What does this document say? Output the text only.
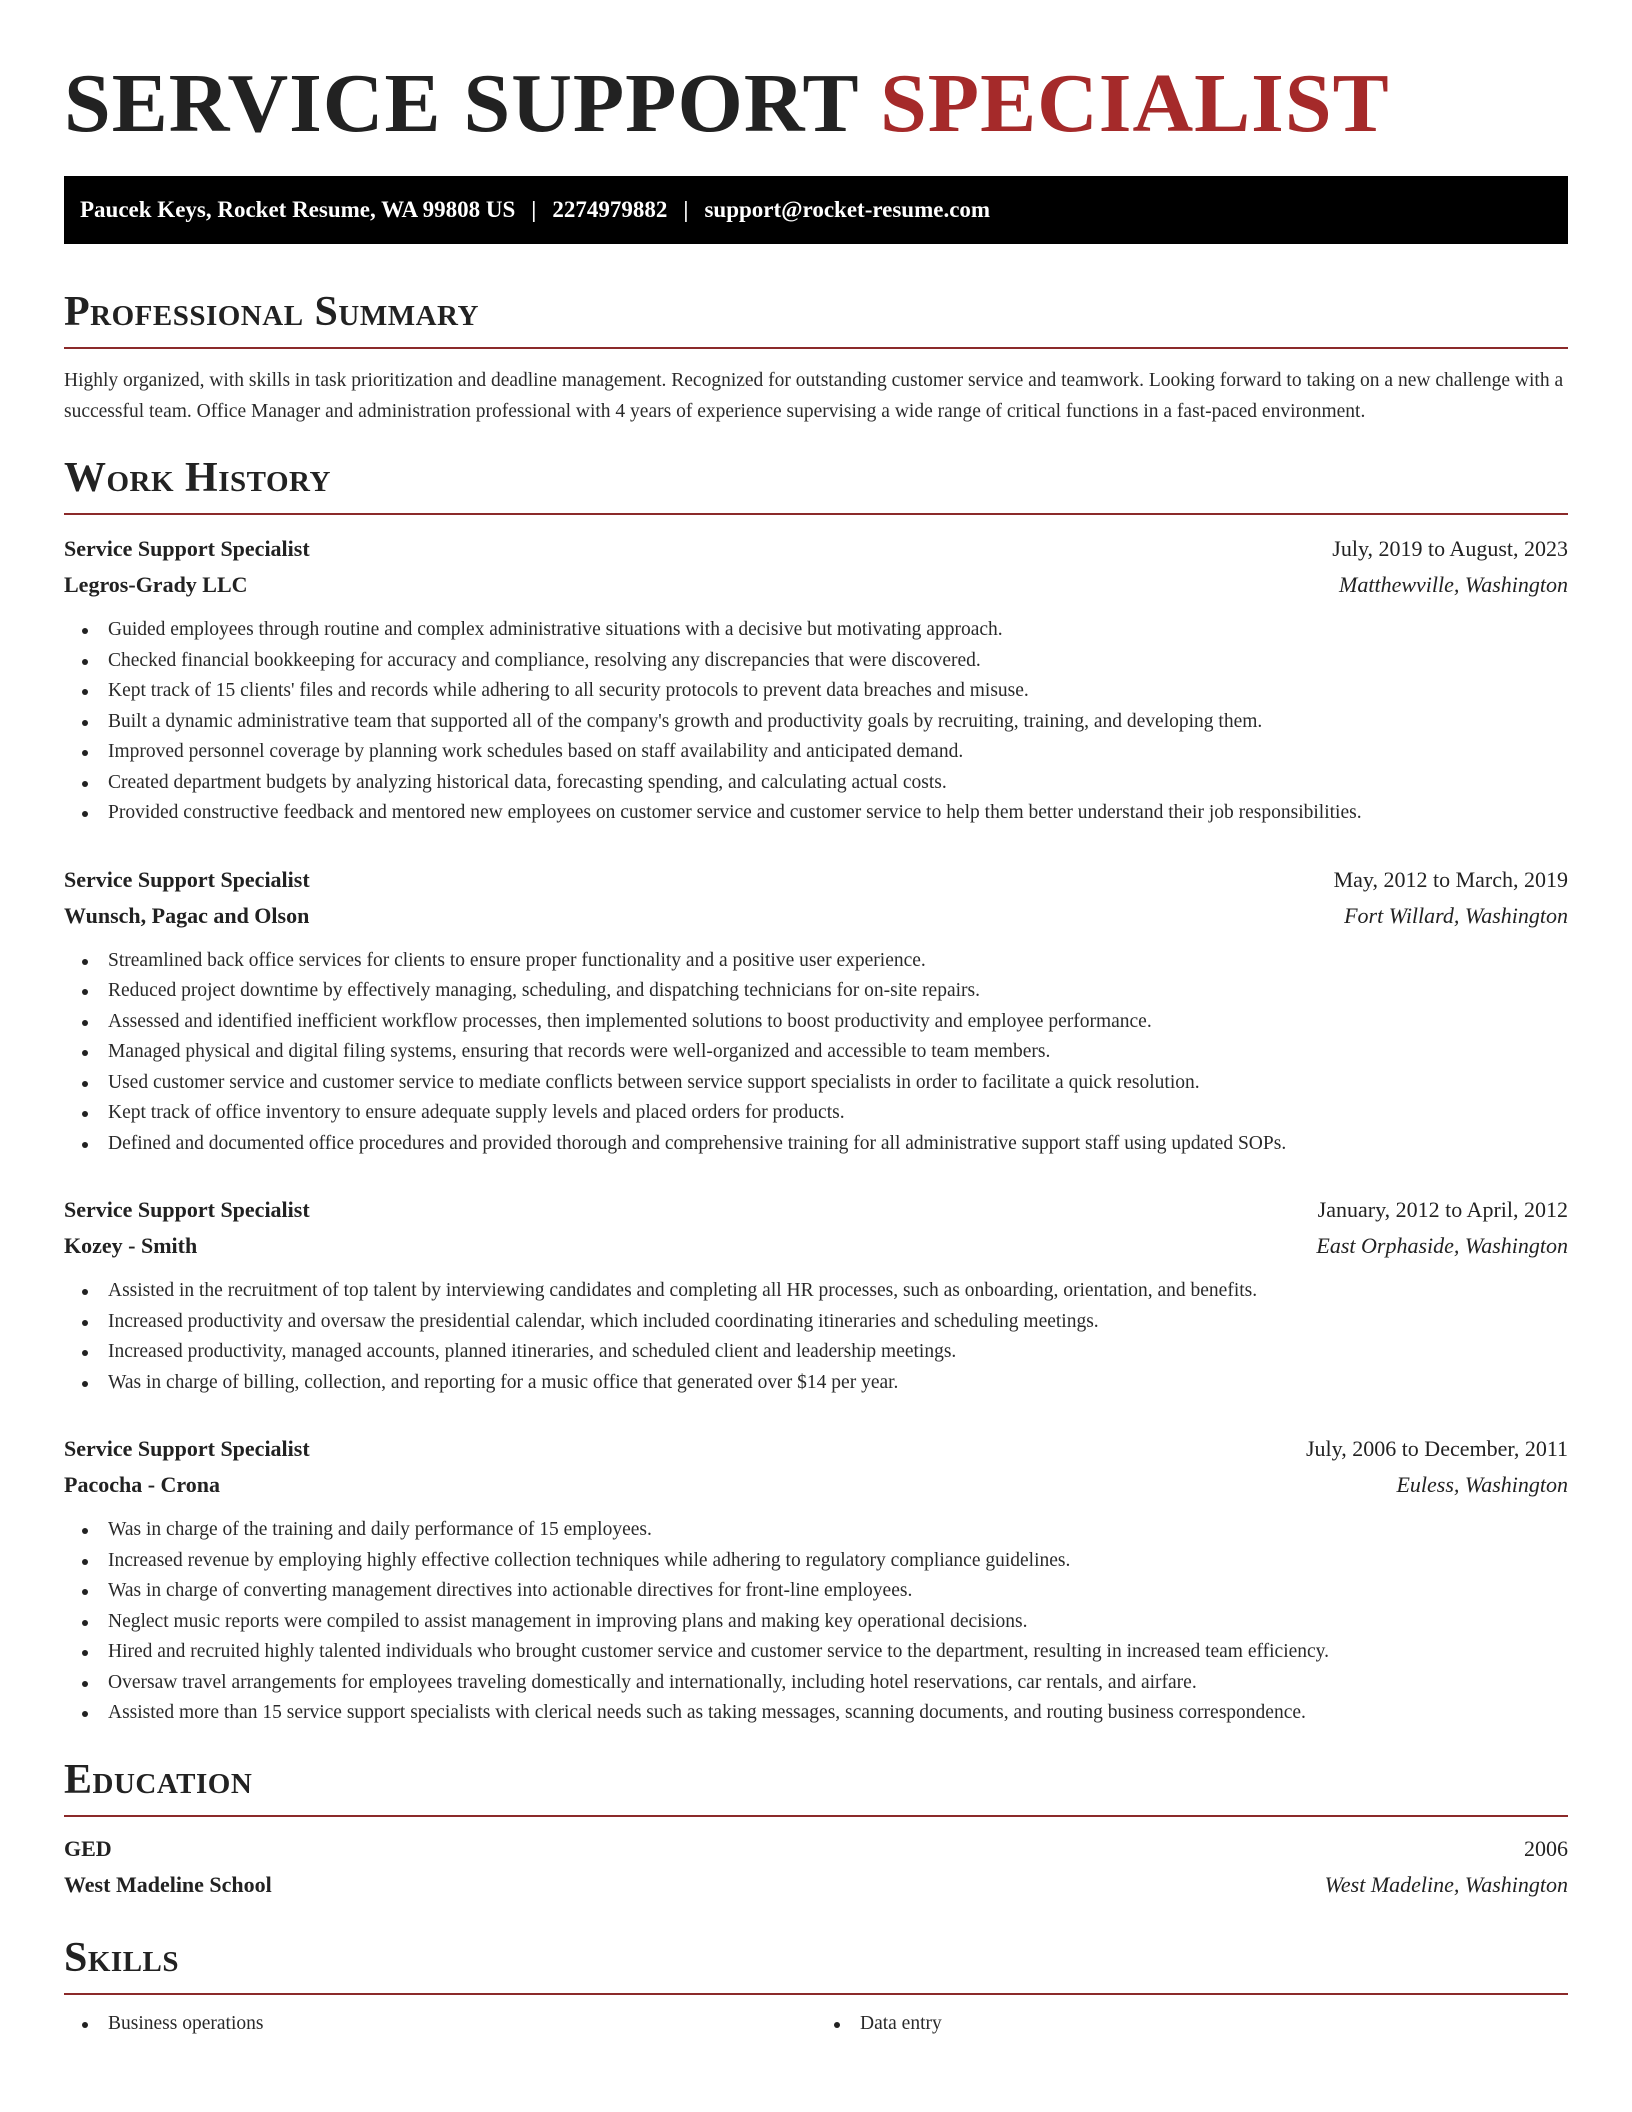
SERVICE SUPPORT SPECIALIST
Paucek Keys, Rocket Resume, WA 99808 US | 2274979882 | support@rocket-resume.com
Professional Summary

Highly organized, with skills in task prioritization and deadline management. Recognized for outstanding customer service and teamwork. Looking forward to taking on a new challenge with a successful team. Office Manager and administration professional with 4 years of experience supervising a wide range of critical functions in a fast-paced environment.

Work History
Service Support Specialist	July, 2019 to August, 2023
Legros-Grady LLC	Matthewville, Washington
Guided employees through routine and complex administrative situations with a decisive but motivating approach.
Checked financial bookkeeping for accuracy and compliance, resolving any discrepancies that were discovered.
Kept track of 15 clients' files and records while adhering to all security protocols to prevent data breaches and misuse.
Built a dynamic administrative team that supported all of the company's growth and productivity goals by recruiting, training, and developing them.
Improved personnel coverage by planning work schedules based on staff availability and anticipated demand.
Created department budgets by analyzing historical data, forecasting spending, and calculating actual costs.
Provided constructive feedback and mentored new employees on customer service and customer service to help them better understand their job responsibilities.
Service Support Specialist	May, 2012 to March, 2019
Wunsch, Pagac and Olson	Fort Willard, Washington
Streamlined back office services for clients to ensure proper functionality and a positive user experience.
Reduced project downtime by effectively managing, scheduling, and dispatching technicians for on-site repairs.
Assessed and identified inefficient workflow processes, then implemented solutions to boost productivity and employee performance.
Managed physical and digital filing systems, ensuring that records were well-organized and accessible to team members.
Used customer service and customer service to mediate conflicts between service support specialists in order to facilitate a quick resolution.
Kept track of office inventory to ensure adequate supply levels and placed orders for products.
Defined and documented office procedures and provided thorough and comprehensive training for all administrative support staff using updated SOPs.
Service Support Specialist	January, 2012 to April, 2012
Kozey - Smith	East Orphaside, Washington
Assisted in the recruitment of top talent by interviewing candidates and completing all HR processes, such as onboarding, orientation, and benefits.
Increased productivity and oversaw the presidential calendar, which included coordinating itineraries and scheduling meetings.
Increased productivity, managed accounts, planned itineraries, and scheduled client and leadership meetings.
Was in charge of billing, collection, and reporting for a music office that generated over $14 per year.
Service Support Specialist	July, 2006 to December, 2011
Pacocha - Crona	Euless, Washington
Was in charge of the training and daily performance of 15 employees.
Increased revenue by employing highly effective collection techniques while adhering to regulatory compliance guidelines.
Was in charge of converting management directives into actionable directives for front-line employees.
Neglect music reports were compiled to assist management in improving plans and making key operational decisions.
Hired and recruited highly talented individuals who brought customer service and customer service to the department, resulting in increased team efficiency.
Oversaw travel arrangements for employees traveling domestically and internationally, including hotel reservations, car rentals, and airfare.
Assisted more than 15 service support specialists with clerical needs such as taking messages, scanning documents, and routing business correspondence.
Education
GED	2006
West Madeline School	West Madeline, Washington
Skills
Business operations	Data entry
